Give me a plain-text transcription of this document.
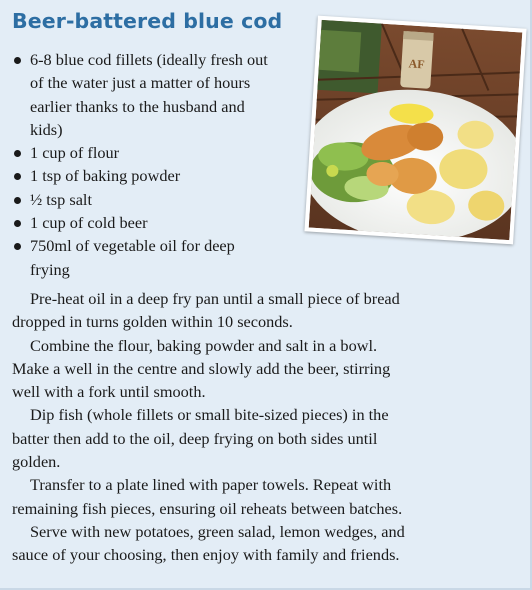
Beer-battered blue cod
AF
6-8 blue cod fillets (ideally fresh out
of the water just a matter of hours
earlier thanks to the husband and
kids)
1 cup of flour
1 tsp of baking powder
½ tsp salt
1 cup of cold beer
750ml of vegetable oil for deep
frying

Pre-heat oil in a deep fry pan until a small piece of bread
dropped in turns golden within 10 seconds.

Combine the flour, baking powder and salt in a bowl.
Make a well in the centre and slowly add the beer, stirring
well with a fork until smooth.

Dip fish (whole fillets or small bite-sized pieces) in the
batter then add to the oil, deep frying on both sides until
golden.

Transfer to a plate lined with paper towels. Repeat with
remaining fish pieces, ensuring oil reheats between batches.

Serve with new potatoes, green salad, lemon wedges, and
sauce of your choosing, then enjoy with family and friends.
